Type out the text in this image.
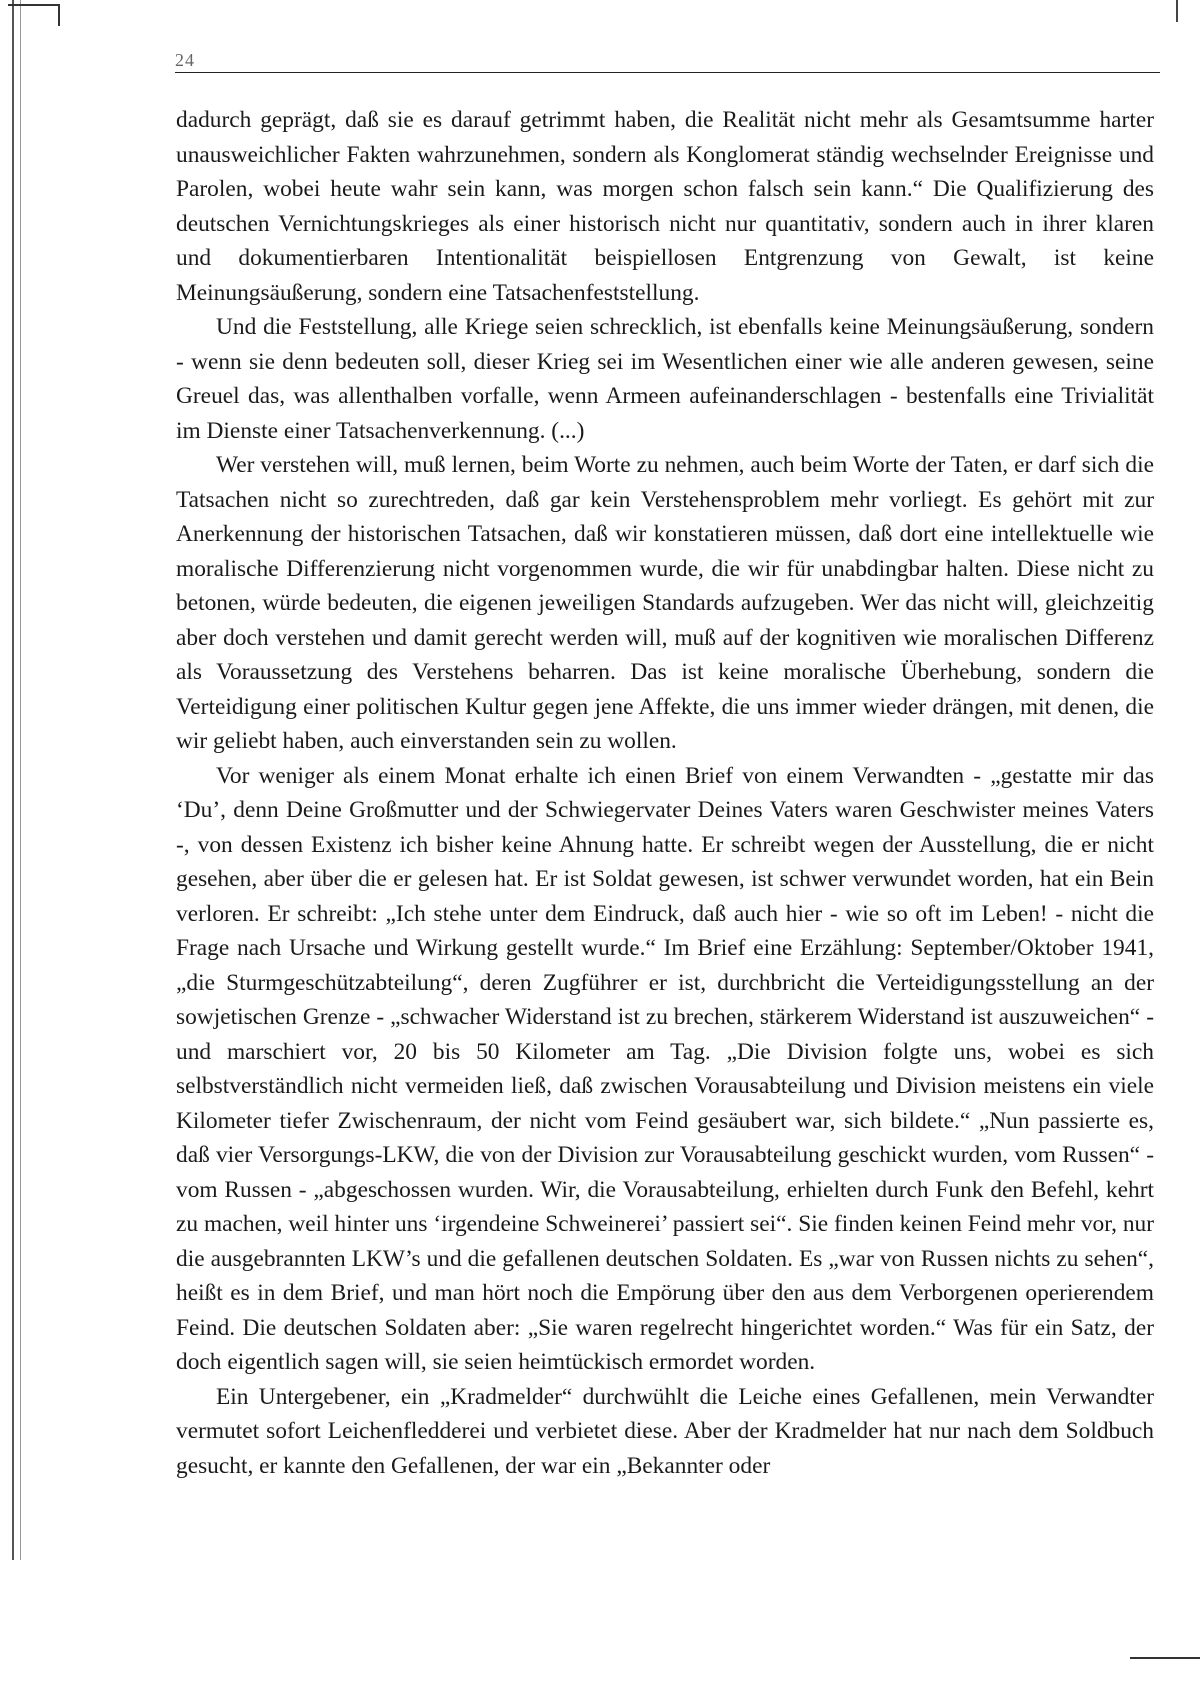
24

dadurch geprägt, daß sie es darauf getrimmt haben, die Realität nicht mehr als Gesamtsumme harter unausweichlicher Fakten wahrzunehmen, sondern als Konglomerat ständig wechselnder Ereignisse und Parolen, wobei heute wahr sein kann, was morgen schon falsch sein kann.“ Die Qualifizierung des deutschen Vernichtungskrieges als einer historisch nicht nur quantitativ, sondern auch in ihrer klaren und dokumentierbaren Intentionalität beispiellosen Entgrenzung von Gewalt, ist keine Meinungsäußerung, sondern eine Tatsachenfeststellung.

Und die Feststellung, alle Kriege seien schrecklich, ist ebenfalls keine Meinungsäußerung, sondern - wenn sie denn bedeuten soll, dieser Krieg sei im Wesentlichen einer wie alle anderen gewesen, seine Greuel das, was allenthalben vorfalle, wenn Armeen aufeinanderschlagen - bestenfalls eine Trivialität im Dienste einer Tatsachenverkennung. (...)

Wer verstehen will, muß lernen, beim Worte zu nehmen, auch beim Worte der Taten, er darf sich die Tatsachen nicht so zurechtreden, daß gar kein Verstehensproblem mehr vorliegt. Es gehört mit zur Anerkennung der historischen Tatsachen, daß wir konstatieren müssen, daß dort eine intellektuelle wie moralische Differenzierung nicht vorgenommen wurde, die wir für unabdingbar halten. Diese nicht zu betonen, würde bedeuten, die eigenen jeweiligen Standards aufzugeben. Wer das nicht will, gleichzeitig aber doch verstehen und damit gerecht werden will, muß auf der kognitiven wie moralischen Differenz als Voraussetzung des Verstehens beharren. Das ist keine moralische Überhebung, sondern die Verteidigung einer politischen Kultur gegen jene Affekte, die uns immer wieder drängen, mit denen, die wir geliebt haben, auch einverstanden sein zu wollen.

Vor weniger als einem Monat erhalte ich einen Brief von einem Verwandten - „gestatte mir das ‘Du’, denn Deine Großmutter und der Schwiegervater Deines Vaters waren Geschwister meines Vaters -, von dessen Existenz ich bisher keine Ahnung hatte. Er schreibt wegen der Ausstellung, die er nicht gesehen, aber über die er gelesen hat. Er ist Soldat gewesen, ist schwer verwundet worden, hat ein Bein verloren. Er schreibt: „Ich stehe unter dem Eindruck, daß auch hier - wie so oft im Leben! - nicht die Frage nach Ursache und Wirkung gestellt wurde.“ Im Brief eine Erzählung: September/Oktober 1941, „die Sturmgeschützabteilung“, deren Zugführer er ist, durchbricht die Verteidigungsstellung an der sowjetischen Grenze - „schwacher Widerstand ist zu brechen, stärkerem Widerstand ist auszuweichen“ - und marschiert vor, 20 bis 50 Kilometer am Tag. „Die Division folgte uns, wobei es sich selbstverständlich nicht vermeiden ließ, daß zwischen Vorausabteilung und Division meistens ein viele Kilometer tiefer Zwischenraum, der nicht vom Feind gesäubert war, sich bildete.“ „Nun passierte es, daß vier Versorgungs-LKW, die von der Division zur Vorausabteilung geschickt wurden, vom Russen“ - vom Russen - „abgeschossen wurden. Wir, die Vorausabteilung, erhielten durch Funk den Befehl, kehrt zu machen, weil hinter uns ‘irgendeine Schweinerei’ passiert sei“. Sie finden keinen Feind mehr vor, nur die ausgebrannten LKW’s und die gefallenen deutschen Soldaten. Es „war von Russen nichts zu sehen“, heißt es in dem Brief, und man hört noch die Empörung über den aus dem Verborgenen operierendem Feind. Die deutschen Soldaten aber: „Sie waren regelrecht hingerichtet worden.“ Was für ein Satz, der doch eigentlich sagen will, sie seien heimtückisch ermordet worden.

Ein Untergebener, ein „Kradmelder“ durchwühlt die Leiche eines Gefallenen, mein Verwandter vermutet sofort Leichenfledderei und verbietet diese. Aber der Kradmelder hat nur nach dem Soldbuch gesucht, er kannte den Gefallenen, der war ein „Bekannter oder
